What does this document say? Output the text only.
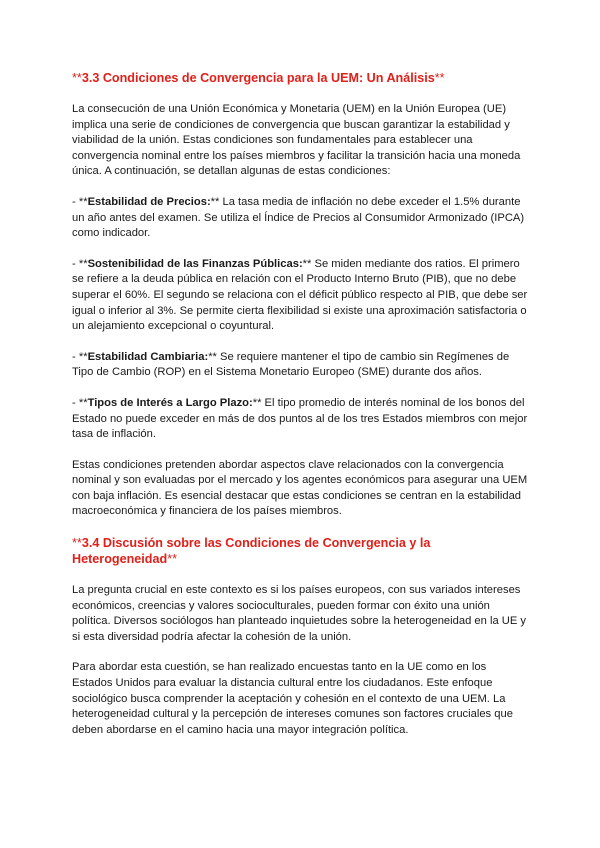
**3.3 Condiciones de Convergencia para la UEM: Un Análisis**

La consecución de una Unión Económica y Monetaria (UEM) en la Unión Europea (UE) implica una serie de condiciones de convergencia que buscan garantizar la estabilidad y viabilidad de la unión. Estas condiciones son fundamentales para establecer una convergencia nominal entre los países miembros y facilitar la transición hacia una moneda única. A continuación, se detallan algunas de estas condiciones:

- **Estabilidad de Precios:** La tasa media de inflación no debe exceder el 1.5% durante un año antes del examen. Se utiliza el Índice de Precios al Consumidor Armonizado (IPCA) como indicador.

- **Sostenibilidad de las Finanzas Públicas:** Se miden mediante dos ratios. El primero se refiere a la deuda pública en relación con el Producto Interno Bruto (PIB), que no debe superar el 60%. El segundo se relaciona con el déficit público respecto al PIB, que debe ser igual o inferior al 3%. Se permite cierta flexibilidad si existe una aproximación satisfactoria o un alejamiento excepcional o coyuntural.

- **Estabilidad Cambiaria:** Se requiere mantener el tipo de cambio sin Regímenes de Tipo de Cambio (ROP) en el Sistema Monetario Europeo (SME) durante dos años.

- **Tipos de Interés a Largo Plazo:** El tipo promedio de interés nominal de los bonos del Estado no puede exceder en más de dos puntos al de los tres Estados miembros con mejor tasa de inflación.

Estas condiciones pretenden abordar aspectos clave relacionados con la convergencia nominal y son evaluadas por el mercado y los agentes económicos para asegurar una UEM con baja inflación. Es esencial destacar que estas condiciones se centran en la estabilidad macroeconómica y financiera de los países miembros.

**3.4 Discusión sobre las Condiciones de Convergencia y la Heterogeneidad**

La pregunta crucial en este contexto es si los países europeos, con sus variados intereses económicos, creencias y valores socioculturales, pueden formar con éxito una unión política. Diversos sociólogos han planteado inquietudes sobre la heterogeneidad en la UE y si esta diversidad podría afectar la cohesión de la unión.

Para abordar esta cuestión, se han realizado encuestas tanto en la UE como en los Estados Unidos para evaluar la distancia cultural entre los ciudadanos. Este enfoque sociológico busca comprender la aceptación y cohesión en el contexto de una UEM. La heterogeneidad cultural y la percepción de intereses comunes son factores cruciales que deben abordarse en el camino hacia una mayor integración política.
